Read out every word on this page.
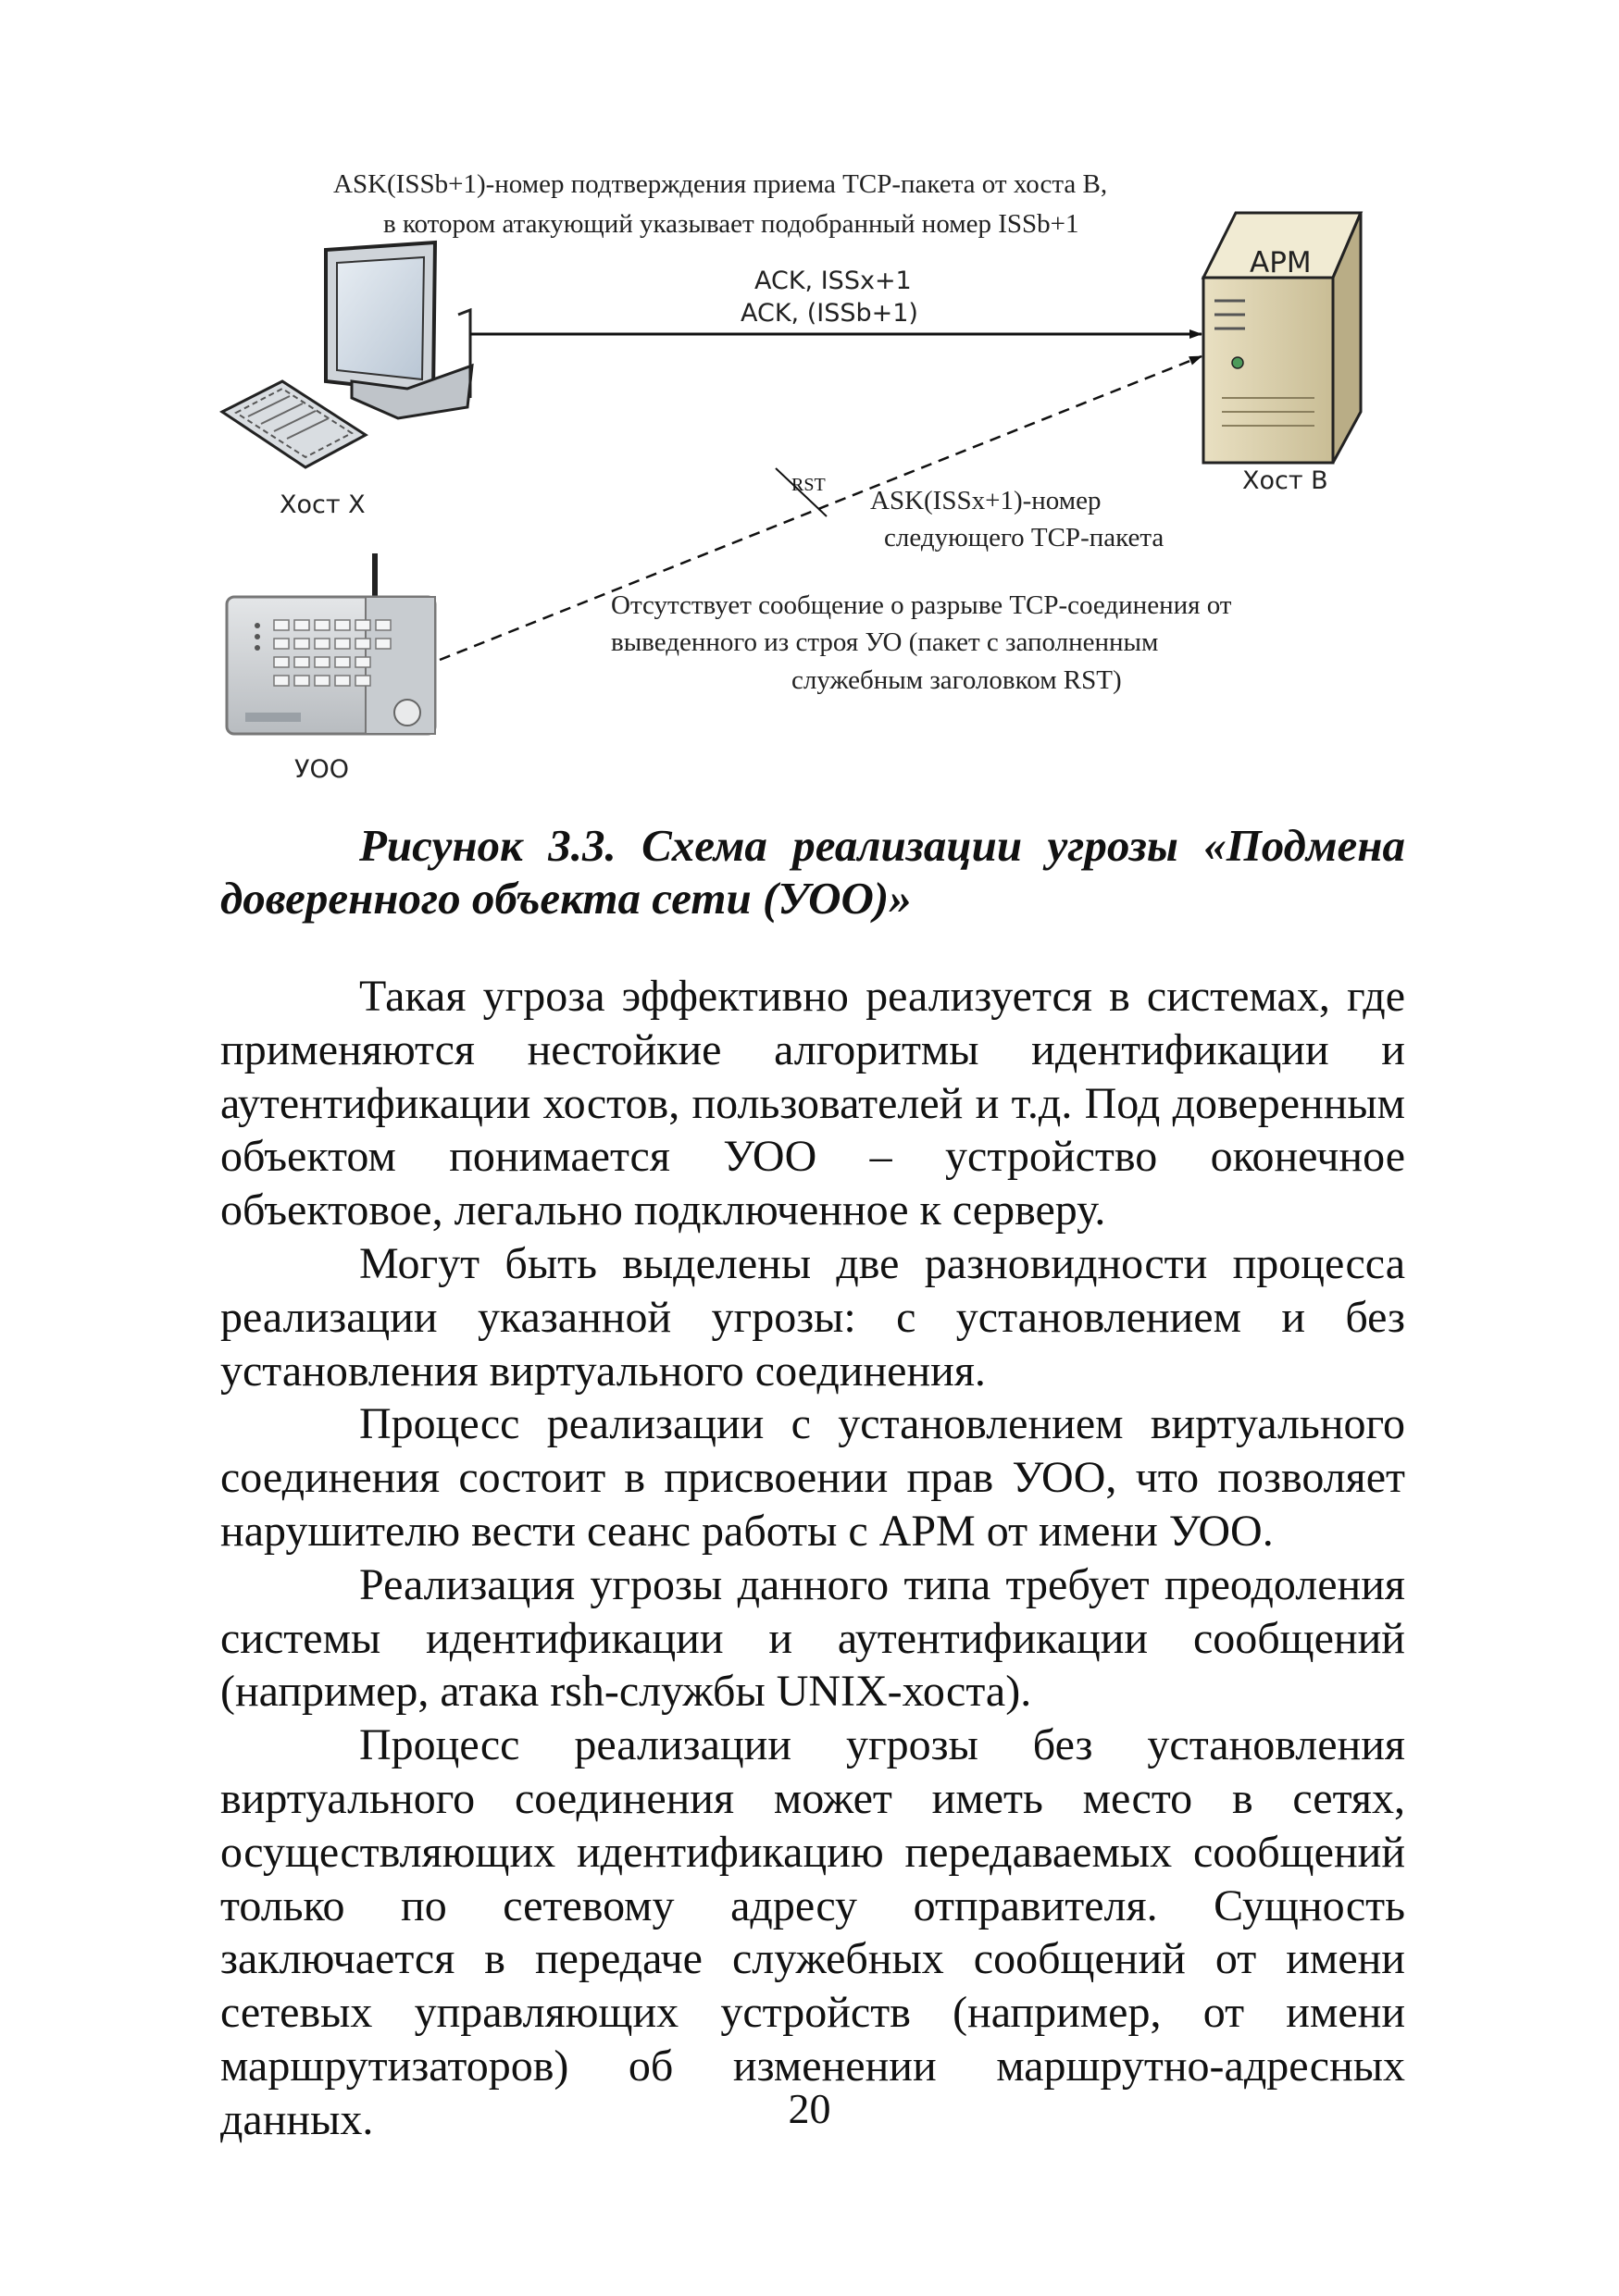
ASK(ISSb+1)-номер подтверждения приема TCP-пакета от хоста B,
в котором атакующий указывает подобранный номер ISSb+1
ACK, ISSx+1
ACK, (ISSb+1)
АРМ
Хост В
Хост Х
УОО
RST
ASK(ISSx+1)-номер
следующего TCP-пакета
Отсутствует сообщение о разрыве TCP-соединения от
выведенного из строя УО (пакет с заполненным
служебным заголовком RST)
Рисунок 3.3. Схема реализации угрозы «Подмена
доверенного объекта сети (УОО)»

Такая угроза эффективно реализуется в системах, где применяются нестойкие алгоритмы идентификации и аутентификации хостов, пользователей и т.д. Под доверенным объектом понимается УОО – устройство оконечное объектовое, легально подключенное к серверу.

Могут быть выделены две разновидности процесса реализации указанной угрозы: с установлением и без установления виртуального соединения.

Процесс реализации с установлением виртуального соединения состоит в присвоении прав УОО, что позволяет нарушителю вести сеанс работы с АРМ от имени УОО.

Реализация угрозы данного типа требует преодоления системы идентификации и аутентификации сообщений (например, атака rsh-службы UNIX-хоста).

Процесс реализации угрозы без установления виртуального соединения может иметь место в сетях, осуществляющих идентификацию передаваемых сообщений только по сетевому адресу отправителя. Сущность заключается в передаче служебных сообщений от имени сетевых управляющих устройств (например, от имени маршрутизаторов) об изменении маршрутно-адресных данных.	20
